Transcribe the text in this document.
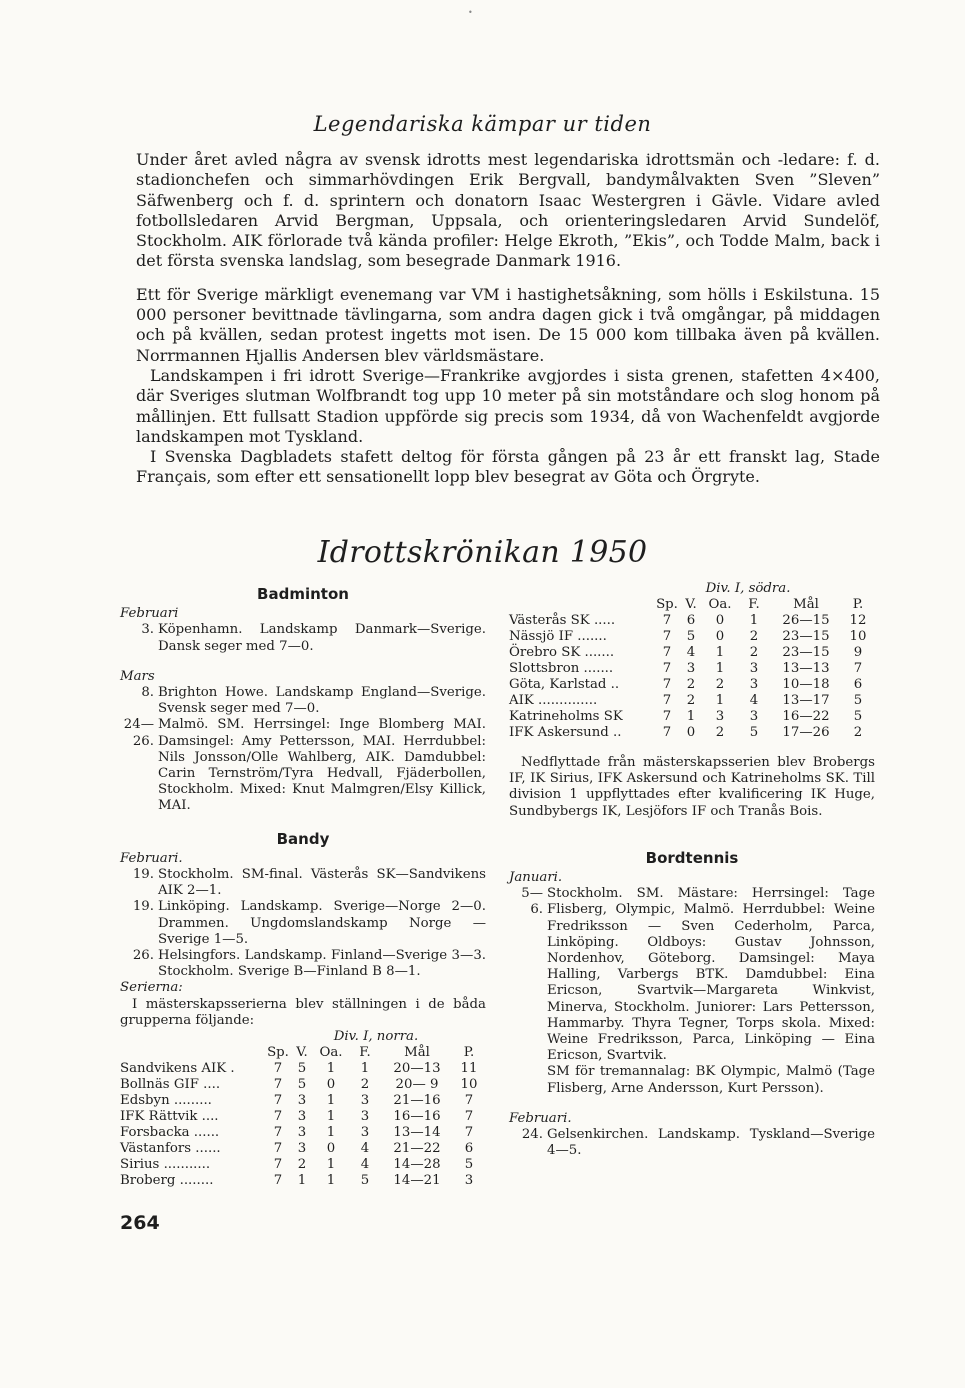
•
Legendariska kämpar ur tiden

Under året avled några av svensk idrotts mest legendariska idrottsmän och -ledare: f. d. stadionchefen och simmarhövdingen Erik Bergvall, bandymålvakten Sven ”Sleven” Säfwenberg och f. d. sprintern och donatorn Isaac Westergren i Gävle. Vidare avled fotbollsledaren Arvid Bergman, Uppsala, och orienteringsledaren Arvid Sundelöf, Stockholm. AIK förlorade två kända profiler: Helge Ekroth, ”Ekis”, och Todde Malm, back i det första svenska landslag, som besegrade Danmark 1916.

Ett för Sverige märkligt evenemang var VM i hastighetsåkning, som hölls i Eskilstuna. 15 000 personer bevittnade tävlingarna, som andra dagen gick i två omgångar, på middagen och på kvällen, sedan protest ingetts mot isen. De 15 000 kom tillbaka även på kvällen. Norrmannen Hjallis Andersen blev världsmästare.

Landskampen i fri idrott Sverige—Frankrike avgjordes i sista grenen, stafetten 4×400, där Sveriges slutman Wolfbrandt tog upp 10 meter på sin motståndare och slog honom på mållinjen. Ett fullsatt Stadion uppförde sig precis som 1934, då von Wachenfeldt avgjorde landskampen mot Tyskland.

I Svenska Dagbladets stafett deltog för första gången på 23 år ett franskt lag, Stade Français, som efter ett sensationellt lopp blev besegrat av Göta och Örgryte.

Idrottskrönikan 1950
Badminton
Februari
3. Köpenhamn. Landskamp Danmark—Sverige. Dansk seger med 7—0.
Mars
8. Brighton Howe. Landskamp England—Sverige. Svensk seger med 7—0.
24—26.
Malmö. SM. Herrsingel: Inge Blomberg MAI. Damsingel: Amy Pettersson, MAI. Herrdubbel: Nils Jonsson/Olle Wahlberg, AIK. Damdubbel: Carin Ternström/Tyra Hedvall, Fjäderbollen, Stockholm. Mixed: Knut Malmgren/Elsy Killick, MAI.
Bandy
Februari.
19. Stockholm. SM-final. Västerås SK—Sandvikens AIK 2—1.
19. Linköping. Landskamp. Sverige—Norge 2—0. Drammen. Ungdomslandskamp Norge —Sverige 1—5.
26. Helsingfors. Landskamp. Finland—Sverige 3—3. Stockholm. Sverige B—Finland B 8—1.
Serierna:
I mästerskapsserierna blev ställningen i de båda grupperna följande:
	Div. I, norra.					
	Sp.	V.	Oa.	F.	Mål	P.
Sandvikens AIK .	7	5	1	1	20—13	11
Bollnäs GIF ....	7	5	0	2	20— 9	10
Edsbyn .........	7	3	1	3	21—16	7
IFK Rättvik ....	7	3	1	3	16—16	7
Forsbacka ......	7	3	1	3	13—14	7
Västanfors ......	7	3	0	4	21—22	6
Sirius ...........	7	2	1	4	14—28	5
Broberg ........	7	1	1	5	14—21	3
	Div. I, södra.					
	Sp.	V.	Oa.	F.	Mål	P.
Västerås SK .....	7	6	0	1	26—15	12
Nässjö IF .......	7	5	0	2	23—15	10
Örebro SK .......	7	4	1	2	23—15	9
Slottsbron .......	7	3	1	3	13—13	7
Göta, Karlstad ..	7	2	2	3	10—18	6
AIK ..............	7	2	1	4	13—17	5
Katrineholms SK	7	1	3	3	16—22	5
IFK Askersund ..	7	0	2	5	17—26	2
Nedflyttade från mästerskapsserien blev Brobergs IF, IK Sirius, IFK Askersund och Katrineholms SK. Till division 1 uppflyttades efter kvalificering IK Huge, Sundbybergs IK, Lesjöfors IF och Tranås Bois.
Bordtennis
Januari.
5—6.
Stockholm. SM. Mästare: Herrsingel: Tage Flisberg, Olympic, Malmö. Herrdubbel: Weine Fredriksson — Sven Cederholm, Parca, Linköping. Oldboys: Gustav Johnsson, Nordenhov, Göteborg. Damsingel: Maya Halling, Varbergs BTK. Damdubbel: Eina Ericson, Svartvik—Margareta Winkvist, Minerva, Stockholm. Juniorer: Lars Pettersson, Hammarby. Thyra Tegner, Torps skola. Mixed: Weine Fredriksson, Parca, Linköping — Eina Ericson, Svartvik.
SM för tremannalag: BK Olympic, Malmö (Tage Flisberg, Arne Andersson, Kurt Persson).
Februari.
24. Gelsenkirchen. Landskamp. Tyskland—Sverige 4—5.
264
